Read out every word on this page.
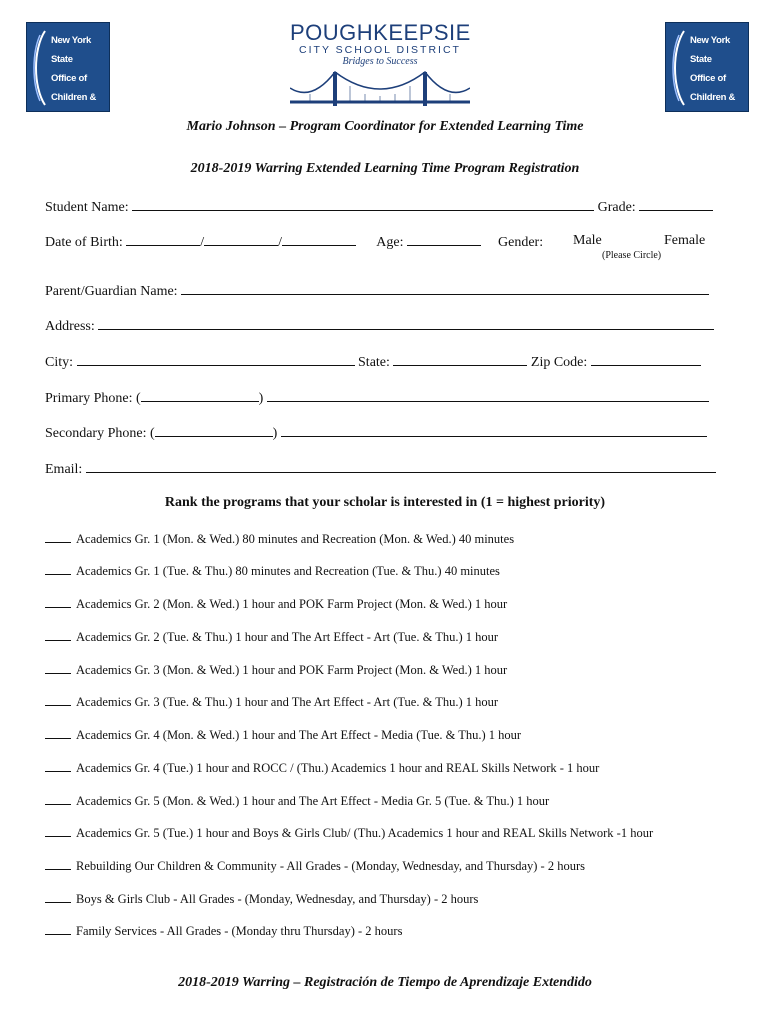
New York State
Office of
Children & Family
Services
POUGHKEEPSIE
CITY SCHOOL DISTRICT
Bridges to Success
New York State
Office of
Children & Family
Services
Mario Johnson – Program Coordinator for Extended Learning Time
2018-2019 Warring Extended Learning Time Program Registration
Student Name:	Grade:
Date of Birth:	/	/	Age:	Gender: Male	Female
(Please Circle)
Parent/Guardian Name:
Address:
City:	State:	Zip Code:
Primary Phone: (	)
Secondary Phone: (	)
Email:
Rank the programs that your scholar is interested in (1 = highest priority)
Academics Gr. 1 (Mon. & Wed.) 80 minutes and Recreation (Mon. & Wed.) 40 minutes
Academics Gr. 1 (Tue. & Thu.) 80 minutes and Recreation (Tue. & Thu.) 40 minutes
Academics Gr. 2 (Mon. & Wed.) 1 hour and POK Farm Project (Mon. & Wed.) 1 hour
Academics Gr. 2 (Tue. & Thu.) 1 hour and The Art Effect - Art (Tue. & Thu.) 1 hour
Academics Gr. 3 (Mon. & Wed.) 1 hour and POK Farm Project (Mon. & Wed.) 1 hour
Academics Gr. 3 (Tue. & Thu.) 1 hour and The Art Effect - Art (Tue. & Thu.) 1 hour
Academics Gr. 4 (Mon. & Wed.) 1 hour and The Art Effect - Media (Tue. & Thu.) 1 hour
Academics Gr. 4 (Tue.) 1 hour and ROCC / (Thu.) Academics 1 hour and REAL Skills Network - 1 hour
Academics Gr. 5 (Mon. & Wed.) 1 hour and The Art Effect - Media Gr. 5 (Tue. & Thu.) 1 hour
Academics Gr. 5 (Tue.) 1 hour and Boys & Girls Club/ (Thu.) Academics 1 hour and REAL Skills Network -1 hour
Rebuilding Our Children & Community - All Grades - (Monday, Wednesday, and Thursday) - 2 hours
Boys & Girls Club - All Grades - (Monday, Wednesday, and Thursday) - 2 hours
Family Services - All Grades - (Monday thru Thursday) - 2 hours
2018-2019 Warring – Registración de Tiempo de Aprendizaje Extendido
